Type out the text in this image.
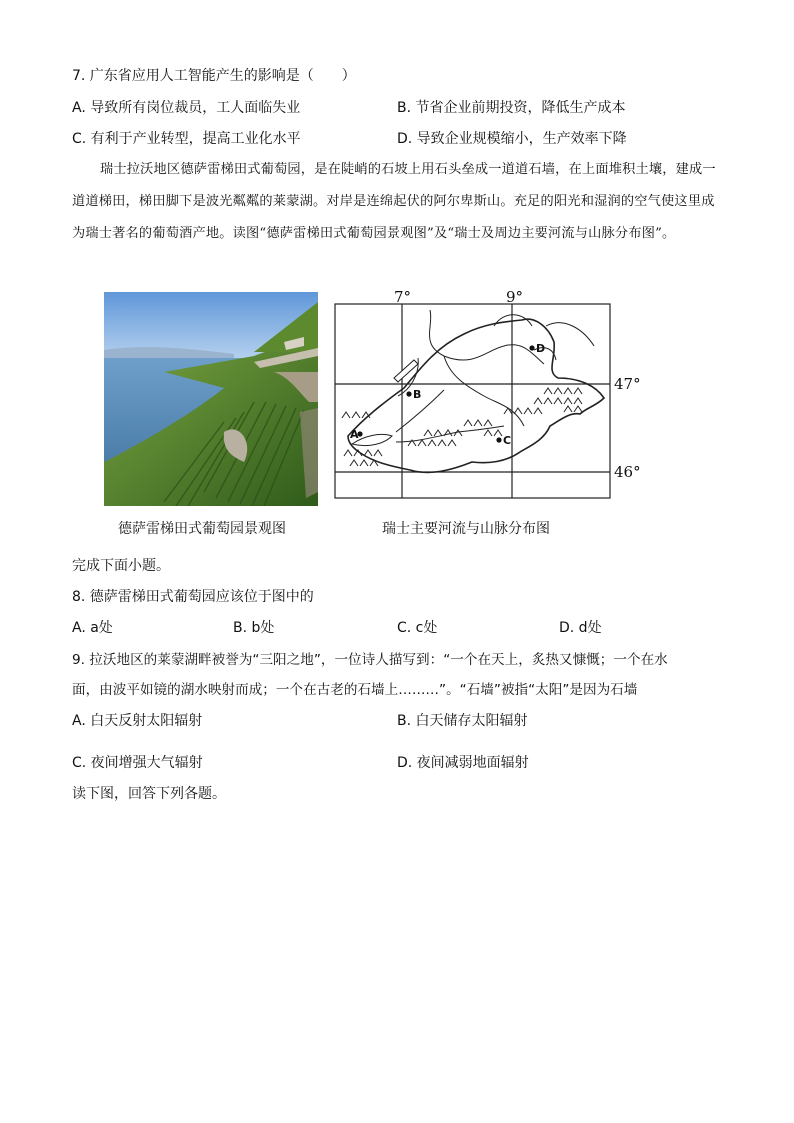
7. 广东省应用人工智能产生的影响是（　　）
A. 导致所有岗位裁员，工人面临失业	B. 节省企业前期投资，降低生产成本
C. 有利于产业转型，提高工业化水平	D. 导致企业规模缩小，生产效率下降
瑞士拉沃地区德萨雷梯田式葡萄园，是在陡峭的石坡上用石头垒成一道道石墙，在上面堆积土壤，建成一道道梯田，梯田脚下是波光粼粼的莱蒙湖。对岸是连绵起伏的阿尔卑斯山。充足的阳光和湿润的空气使这里成为瑞士著名的葡萄酒产地。读图“德萨雷梯田式葡萄园景观图”及“瑞士及周边主要河流与山脉分布图”。
B
A	C
D
7°	9°
47°
46°
德萨雷梯田式葡萄园景观图	瑞士主要河流与山脉分布图
完成下面小题。
8. 德萨雷梯田式葡萄园应该位于图中的
A. a处	B. b处	C. c处	D. d处
9. 拉沃地区的莱蒙湖畔被誉为“三阳之地”，一位诗人描写到：“一个在天上，炙热又慷慨；一个在水
面，由波平如镜的湖水映射而成；一个在古老的石墙上………”。“石墙”被指“太阳”是因为石墙
A. 白天反射太阳辐射	B. 白天储存太阳辐射
C. 夜间增强大气辐射	D. 夜间减弱地面辐射
读下图，回答下列各题。
